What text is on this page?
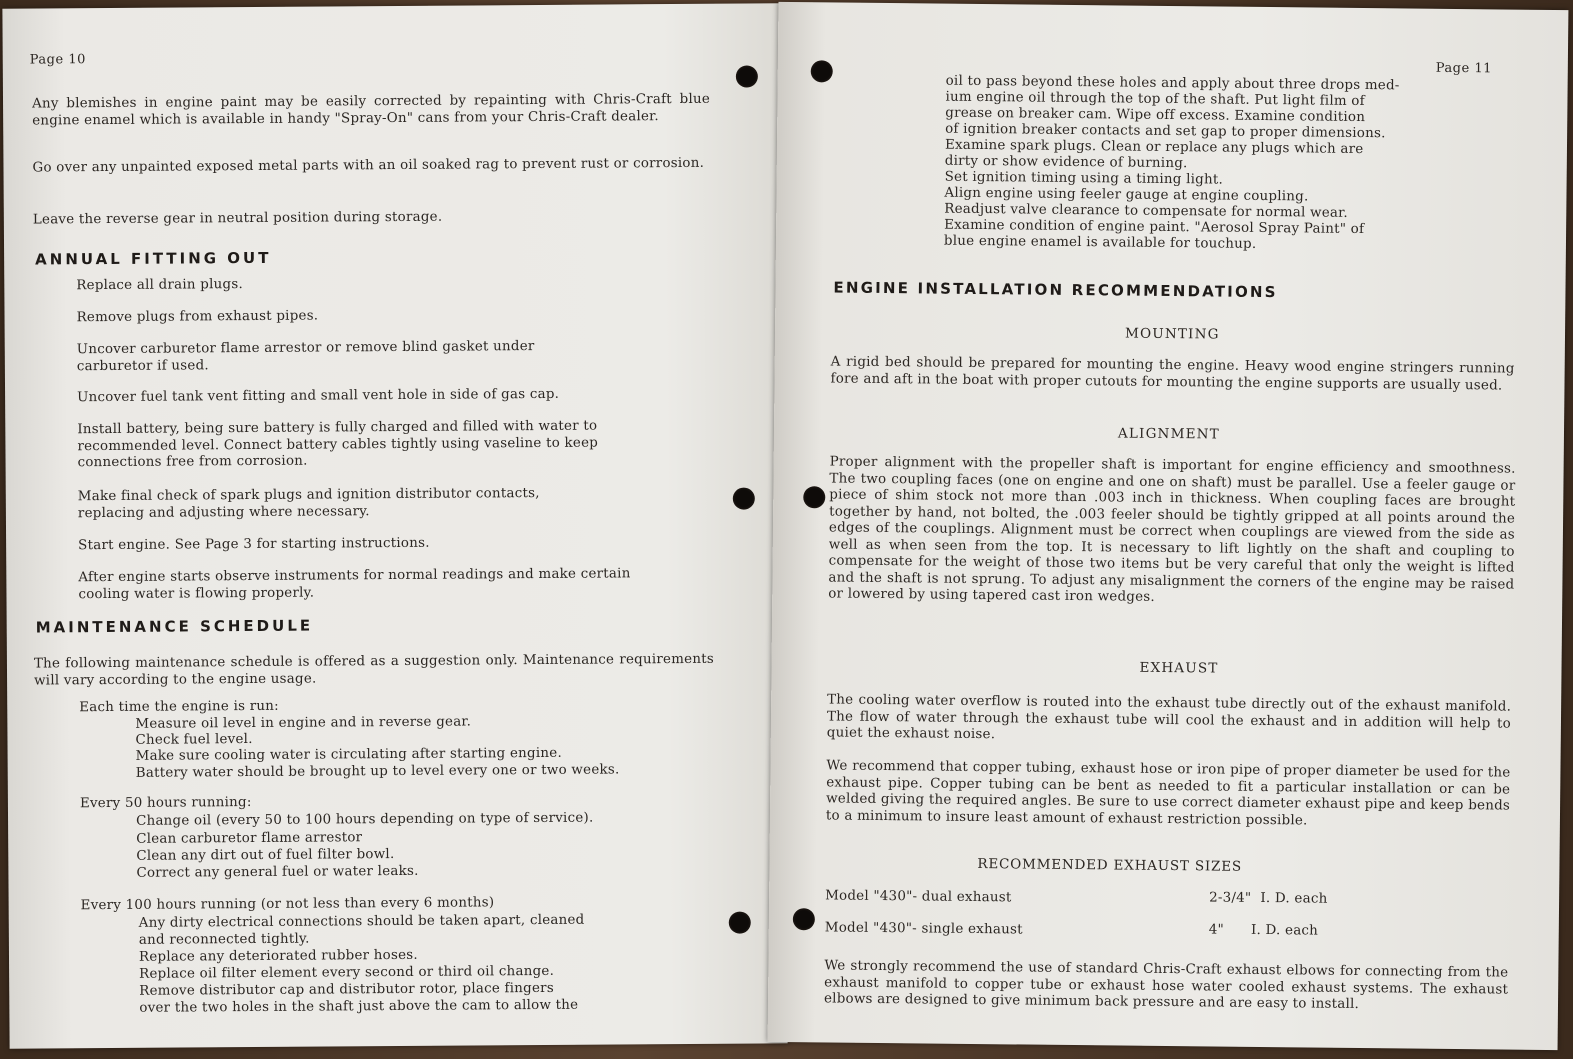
Page 10
Any blemishes in engine paint may be easily corrected by repainting with Chris-Craft blue engine enamel which is available in handy "Spray-On" cans from your Chris-Craft dealer.
Go over any unpainted exposed metal parts with an oil soaked rag to prevent rust or corrosion.
Leave the reverse gear in neutral position during storage.
ANNUAL FITTING OUT
Replace all drain plugs.
Remove plugs from exhaust pipes.
Uncover carburetor flame arrestor or remove blind gasket under carburetor if used.
Uncover fuel tank vent fitting and small vent hole in side of gas cap.
Install battery, being sure battery is fully charged and filled with water to recommended level. Connect battery cables tightly using vaseline to keep connections free from corrosion.
Make final check of spark plugs and ignition distributor contacts, replacing and adjusting where necessary.
Start engine. See Page 3 for starting instructions.
After engine starts observe instruments for normal readings and make certain cooling water is flowing properly.
MAINTENANCE SCHEDULE
The following maintenance schedule is offered as a suggestion only. Maintenance requirements will vary according to the engine usage.
Each time the engine is run:
Measure oil level in engine and in reverse gear.
Check fuel level.
Make sure cooling water is circulating after starting engine.
Battery water should be brought up to level every one or two weeks.
Every 50 hours running:
Change oil (every 50 to 100 hours depending on type of service).
Clean carburetor flame arrestor
Clean any dirt out of fuel filter bowl.
Correct any general fuel or water leaks.
Every 100 hours running (or not less than every 6 months)
Any dirty electrical connections should be taken apart, cleaned
and reconnected tightly.
Replace any deteriorated rubber hoses.
Replace oil filter element every second or third oil change.
Remove distributor cap and distributor rotor, place fingers
over the two holes in the shaft just above the cam to allow the
Page 11
oil to pass beyond these holes and apply about three drops med-
ium engine oil through the top of the shaft. Put light film of
grease on breaker cam. Wipe off excess. Examine condition
of ignition breaker contacts and set gap to proper dimensions.
Examine spark plugs. Clean or replace any plugs which are
dirty or show evidence of burning.
Set ignition timing using a timing light.
Align engine using feeler gauge at engine coupling.
Readjust valve clearance to compensate for normal wear.
Examine condition of engine paint. "Aerosol Spray Paint" of
blue engine enamel is available for touchup.
ENGINE INSTALLATION RECOMMENDATIONS
MOUNTING
A rigid bed should be prepared for mounting the engine. Heavy wood engine stringers running fore and aft in the boat with proper cutouts for mounting the engine supports are usually used.
ALIGNMENT
Proper alignment with the propeller shaft is important for engine efficiency and smoothness. The two coupling faces (one on engine and one on shaft) must be parallel. Use a feeler gauge or piece of shim stock not more than .003 inch in thickness. When coupling faces are brought together by hand, not bolted, the .003 feeler should be tightly gripped at all points around the edges of the couplings. Alignment must be correct when couplings are viewed from the side as well as when seen from the top. It is necessary to lift lightly on the shaft and coupling to compensate for the weight of those two items but be very careful that only the weight is lifted and the shaft is not sprung. To adjust any misalignment the corners of the engine may be raised or lowered by using tapered cast iron wedges.
EXHAUST
The cooling water overflow is routed into the exhaust tube directly out of the exhaust manifold. The flow of water through the exhaust tube will cool the exhaust and in addition will help to quiet the exhaust noise.
We recommend that copper tubing, exhaust hose or iron pipe of proper diameter be used for the exhaust pipe. Copper tubing can be bent as needed to fit a particular installation or can be welded giving the required angles. Be sure to use correct diameter exhaust pipe and keep bends to a minimum to insure least amount of exhaust restriction possible.
RECOMMENDED EXHAUST SIZES
Model "430"- dual exhaust	2-3/4"  I. D. each
Model "430"- single exhaust	4"      I. D. each
We strongly recommend the use of standard Chris-Craft exhaust elbows for connecting from the exhaust manifold to copper tube or exhaust hose water cooled exhaust systems. The exhaust elbows are designed to give minimum back pressure and are easy to install.
